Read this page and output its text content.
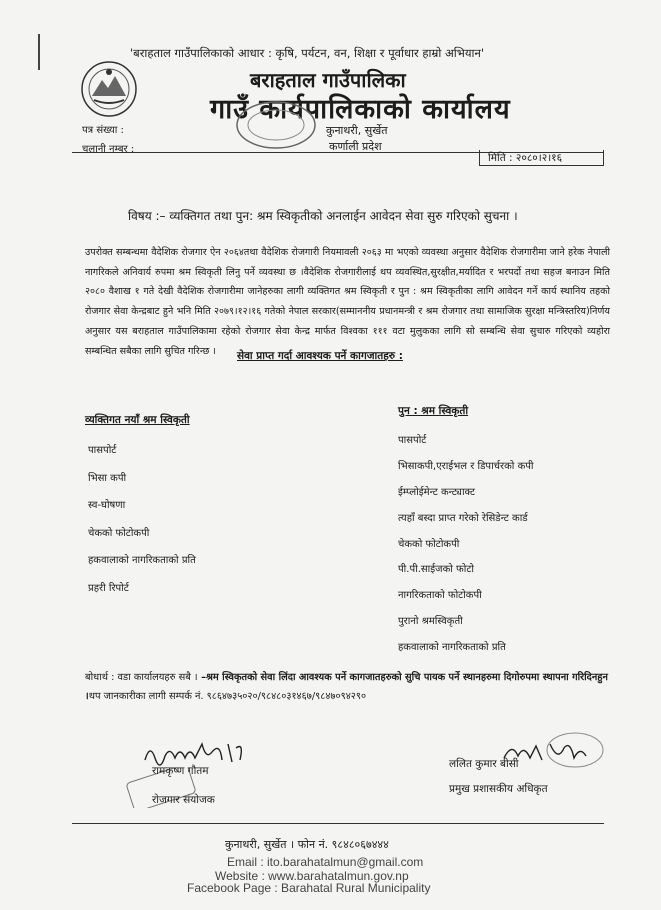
'बराहताल गाउँपालिकाको आधार : कृषि, पर्यटन, वन, शिक्षा र पूर्वाधार हाम्रो अभियान'
बराहताल गाउँपालिका
गाउँ कार्यपालिकाको कार्यालय
पत्र संख्या :
चलानी नम्बर :
कुनाथरी, सुर्खेत
कर्णाली प्रदेश
मिति : २०८०।२।१६
विषय :– व्यक्तिगत तथा पुन: श्रम स्विकृतीको अनलाईन आवेदन सेवा सुरु गरिएको सुचना ।
उपरोक्त सम्बन्धमा वैदेशिक रोजगार ऐन २०६४तथा वैदेशिक रोजगारी नियमावली २०६३ मा भएको व्यवस्था अनुसार वैदेशिक रोजगारीमा जाने हरेक नेपाली नागरिकले अनिवार्य रुपमा श्रम स्विकृती लिनु पर्ने व्यवस्था छ ।वैदेशिक रोजगारीलाई थप व्यवस्थित,सुरक्षीत,मर्यादित र भरपर्दो तथा सहज बनाउन मिति २०८० वैशाख १ गते देखी वैदेशिक रोजगारीमा जानेहरुका लागी व्यक्तिगत श्रम स्विकृती र पुन : श्रम स्विकृतीका लागि आवेदन गर्ने कार्य स्थानिय तहको रोजगार सेवा केन्द्रबाट हुने भनि मिति २०७९।१२।१६ गतेको नेपाल सरकार(सम्माननीय प्रधानमन्त्री र श्रम रोजगार तथा सामाजिक सुरक्षा मन्त्रिस्तरिय)निर्णय अनुसार यस बराहताल गाउँपालिकामा रहेको रोजगार सेवा केन्द्र मार्फत विश्वका १११ वटा मुलुकका लागि सो सम्बन्धि सेवा सुचारु गरिएको व्यहोरा सम्बन्धित सबैका लागि सुचित गरिन्छ ।	सेवा प्राप्त गर्दा आवश्यक पर्ने कागजातहरु :
व्यक्तिगत नयाँ श्रम स्विकृती
पासपोर्ट
भिसा कपी
स्व-घोषणा
चेकको फोटोकपी
हकवालाको नागरिकताको प्रति
प्रहरी रिपोर्ट
पुन : श्रम स्विकृती
पासपोर्ट
भिसाकपी,एराईभल र डिपार्चरको कपी
ईम्प्लोईमेन्ट कन्ट्याक्ट
त्यहाँ बस्दा प्राप्त गरेको रेसिडेन्ट कार्ड
चेकको फोटोकपी
पी.पी.साईजको फोटो
नागरिकताको फोटोकपी
पुरानो श्रमस्विकृती
हकवालाको नागरिकताको प्रति
बोधार्थ : वडा कार्यालयहरु सबै । –श्रम स्विकृतको सेवा लिंदा आवश्यक पर्ने कागजातहरुको सुचि पायक पर्ने स्थानहरुमा दिगोरुपमा स्थापना गरिदिनहुन ।थप जानकारीका लागी सम्पर्क नं. ९८६४७३५०२०/९८४८०३१४६७/९८४७०९४२९०
रामकृष्ण गौतम
रोजगार संयोजक
ललित कुमार बीसी
प्रमुख प्रशासकीय अधिकृत
कुनाथरी, सुर्खेत । फोन नं. ९८४८०६७४४४
Email : ito.barahatalmun@gmail.com
Website : www.barahatalmun.gov.np
Facebook Page : Barahatal Rural Municipality
